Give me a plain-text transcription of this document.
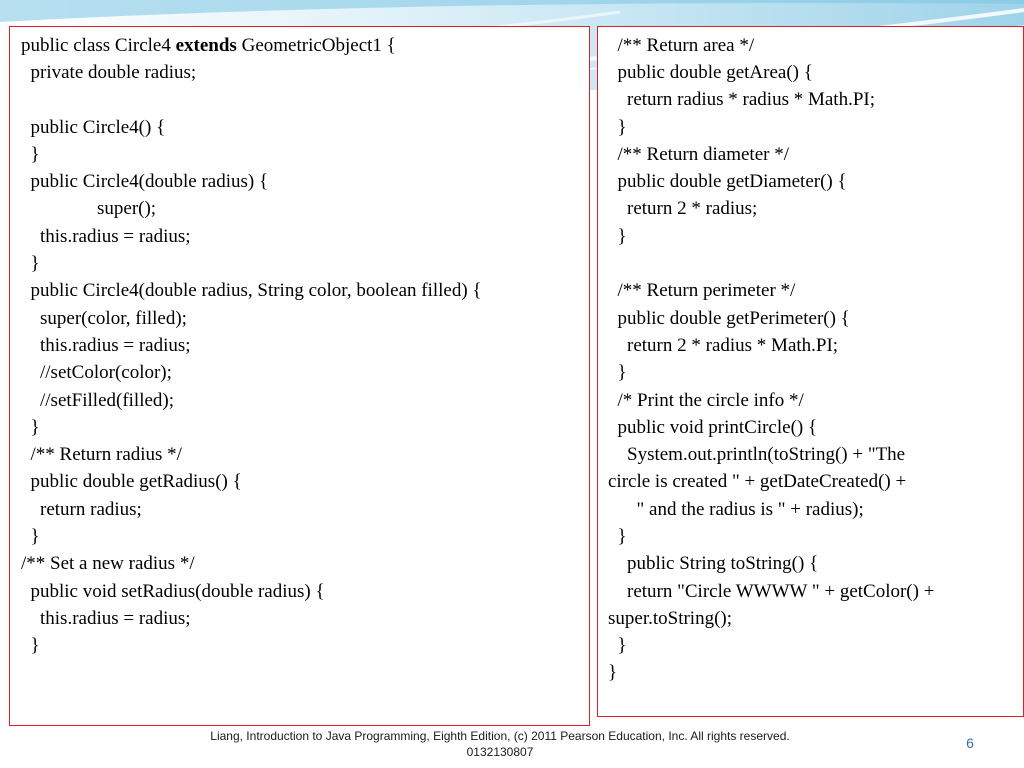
public class Circle4 extends GeometricObject1 {
private double radius;
public Circle4() {
}
public Circle4(double radius) {
super();
this.radius = radius;
}
public Circle4(double radius, String color, boolean filled) {
super(color, filled);
this.radius = radius;
//setColor(color);
//setFilled(filled);
}
/** Return radius */
public double getRadius() {
return radius;
}
/** Set a new radius */
public void setRadius(double radius) {
this.radius = radius;
}
/** Return area */
public double getArea() {
return radius * radius * Math.PI;
}
/** Return diameter */
public double getDiameter() {
return 2 * radius;
}
/** Return perimeter */
public double getPerimeter() {
return 2 * radius * Math.PI;
}
/* Print the circle info */
public void printCircle() {
System.out.println(toString() + "The
circle is created " + getDateCreated() +
" and the radius is " + radius);
}
public String toString() {
return "Circle WWWW " + getColor() +
super.toString();
}
}
Liang, Introduction to Java Programming, Eighth Edition, (c) 2011 Pearson Education, Inc. All rights reserved. 0132130807
6
